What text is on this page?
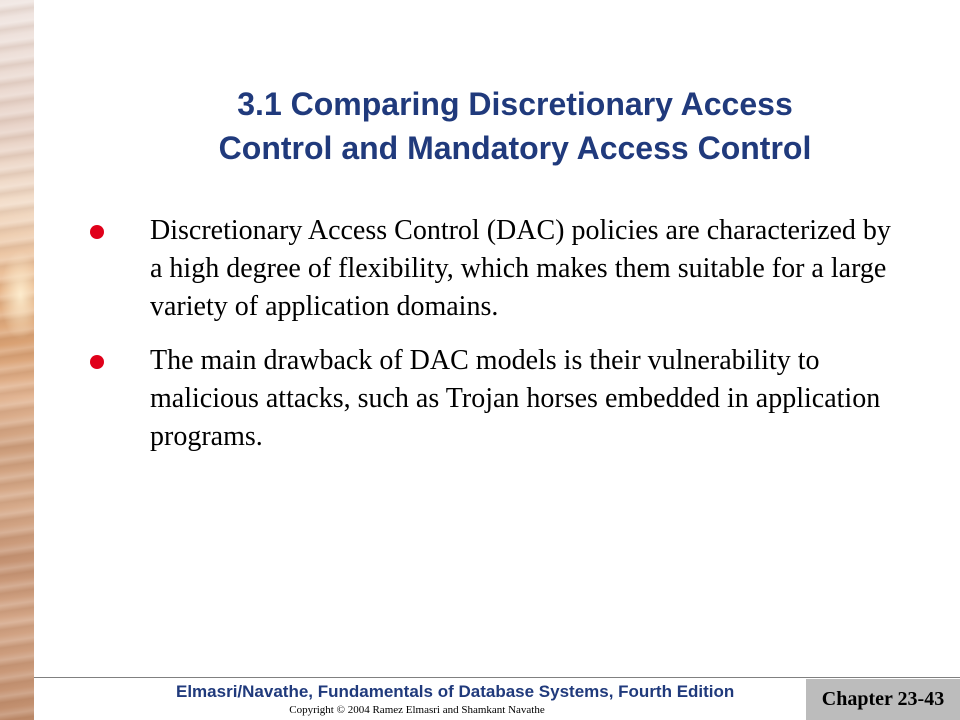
3.1 Comparing Discretionary Access
Control and Mandatory Access Control
Discretionary Access Control (DAC) policies are characterized by a high degree of flexibility, which makes them suitable for a large variety of application domains.
The main drawback of DAC models is their vulnerability to malicious attacks, such as Trojan horses embedded in application programs.
Elmasri/Navathe, Fundamentals of Database Systems, Fourth Edition
Copyright © 2004 Ramez Elmasri and Shamkant Navathe	Chapter 23-43
